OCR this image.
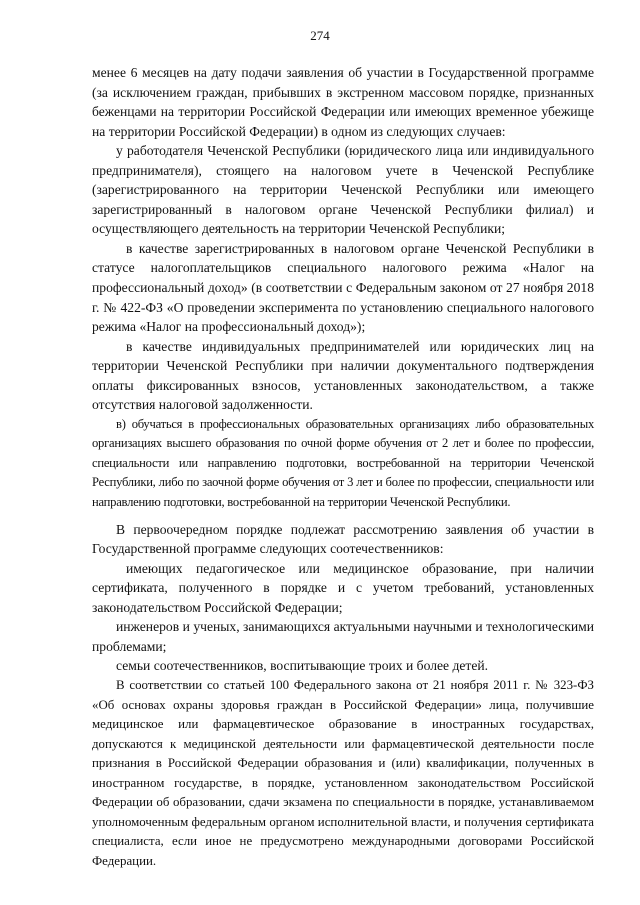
274

менее 6 месяцев на дату подачи заявления об участии в Государственной программе (за исключением граждан, прибывших в экстренном массовом порядке, признанных беженцами на территории Российской Федерации или имеющих временное убежище на территории Российской Федерации) в одном из следующих случаев:

у работодателя Чеченской Республики (юридического лица или индивидуального предпринимателя), стоящего на налоговом учете в Чеченской Республике (зарегистрированного на территории Чеченской Республики или имеющего зарегистрированный в налоговом органе Чеченской Республики филиал) и осуществляющего деятельность на территории Чеченской Республики;

в качестве зарегистрированных в налоговом органе Чеченской Республики в статусе налогоплательщиков специального налогового режима «Налог на профессиональный доход» (в соответствии с Федеральным законом от 27 ноября 2018 г. № 422-ФЗ «О проведении эксперимента по установлению специального налогового режима «Налог на профессиональный доход»);

в качестве индивидуальных предпринимателей или юридических лиц на территории Чеченской Республики при наличии документального подтверждения оплаты фиксированных взносов, установленных законодательством, а также отсутствия налоговой задолженности.

в) обучаться в профессиональных образовательных организациях либо образовательных организациях высшего образования по очной форме обучения от 2 лет и более по профессии, специальности или направлению подготовки, востребованной на территории Чеченской Республики, либо по заочной форме обучения от 3 лет и более по профессии, специальности или направлению подготовки, востребованной на территории Чеченской Республики.

В первоочередном порядке подлежат рассмотрению заявления об участии в Государственной программе следующих соотечественников:

имеющих педагогическое или медицинское образование, при наличии сертификата, полученного в порядке и с учетом требований, установленных законодательством Российской Федерации;

инженеров и ученых, занимающихся актуальными научными и технологическими проблемами;

семьи соотечественников, воспитывающие троих и более детей.

В соответствии со статьей 100 Федерального закона от 21 ноября 2011 г. № 323-ФЗ «Об основах охраны здоровья граждан в Российской Федерации» лица, получившие медицинское или фармацевтическое образование в иностранных государствах, допускаются к медицинской деятельности или фармацевтической деятельности после признания в Российской Федерации образования и (или) квалификации, полученных в иностранном государстве, в порядке, установленном законодательством Российской Федерации об образовании, сдачи экзамена по специальности в порядке, устанавливаемом уполномоченным федеральным органом исполнительной власти, и получения сертификата специалиста, если иное не предусмотрено международными договорами Российской Федерации.
